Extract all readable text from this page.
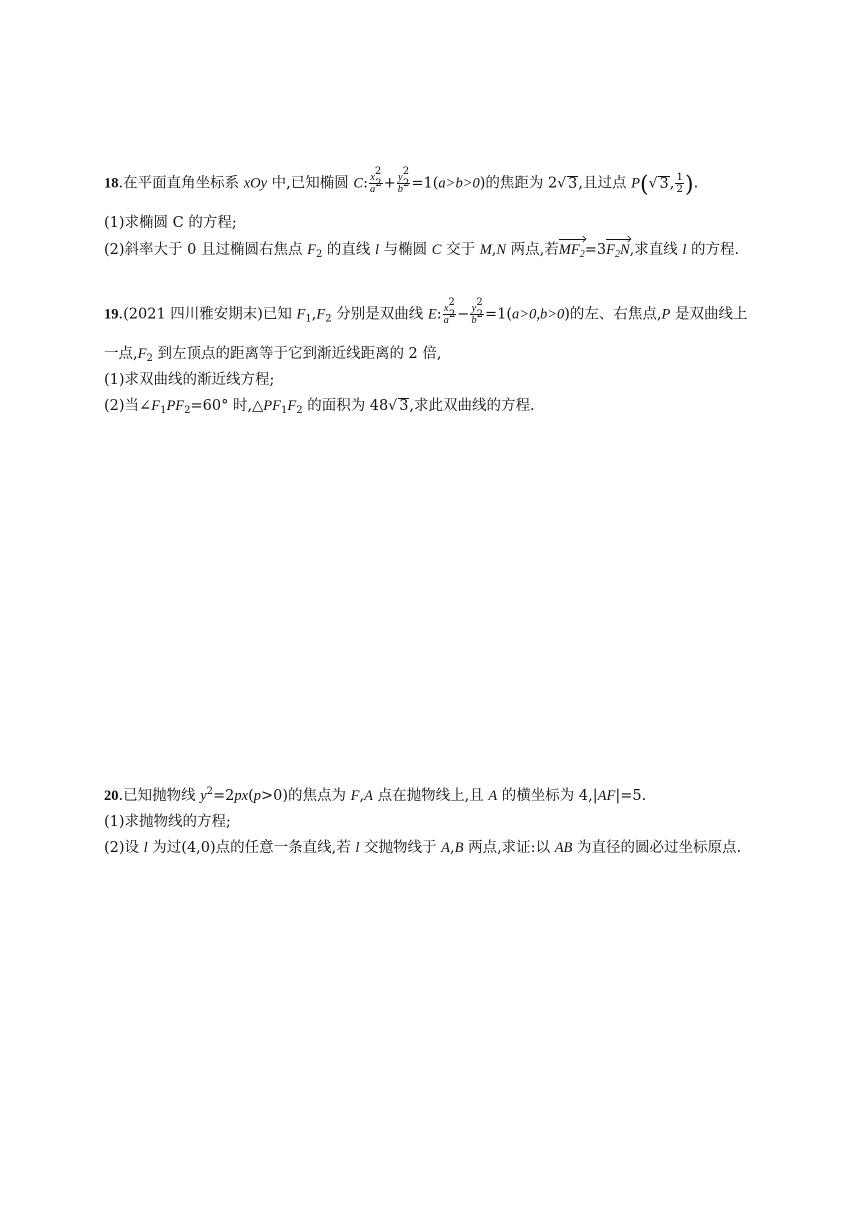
18.在平面直角坐标系 xOy 中,已知椭圆 C: $\frac{x^2}{a^2} + \frac{y^2}{b^2} =1(a>b>0)$的焦距为 2√ 3,且过点 P(√ 3, $\frac{1}{2}$ ).
(1)求椭圆 C 的方程;
(2)斜率大于 0 且过椭圆右焦点 $F_2$ 的直线 l 与椭圆 C 交于 M,N 两点,若$MF_2=3F_2N$,求直线 l 的方程.
19.(2021 四川雅安期末)已知 $F_1,F_2$ 分别是双曲线 E: $\frac{x^2}{a^2} - \frac{y^2}{b^2} =1(a>0,b>0)$的左、右焦点,P 是双曲线上
一点$,F_2$ 到左顶点的距离等于它到渐近线距离的 2 倍,
(1)求双曲线的渐近线方程;
(2)当$\angle F_1PF_2=60^\circ$ 时$,\triangle PF_1F_2$ 的面积为 48√ 3,求此双曲线的方程.
20.已知抛物线 $y^2=2px(p>0)$的焦点为 F,A 点在抛物线上,且 A 的横坐标为 4,|AF|=5.
(1)求抛物线的方程;
(2)设 l 为过(4,0)点的任意一条直线,若 l 交抛物线于 A,B 两点,求证:以 AB 为直径的圆必过坐标原点.
